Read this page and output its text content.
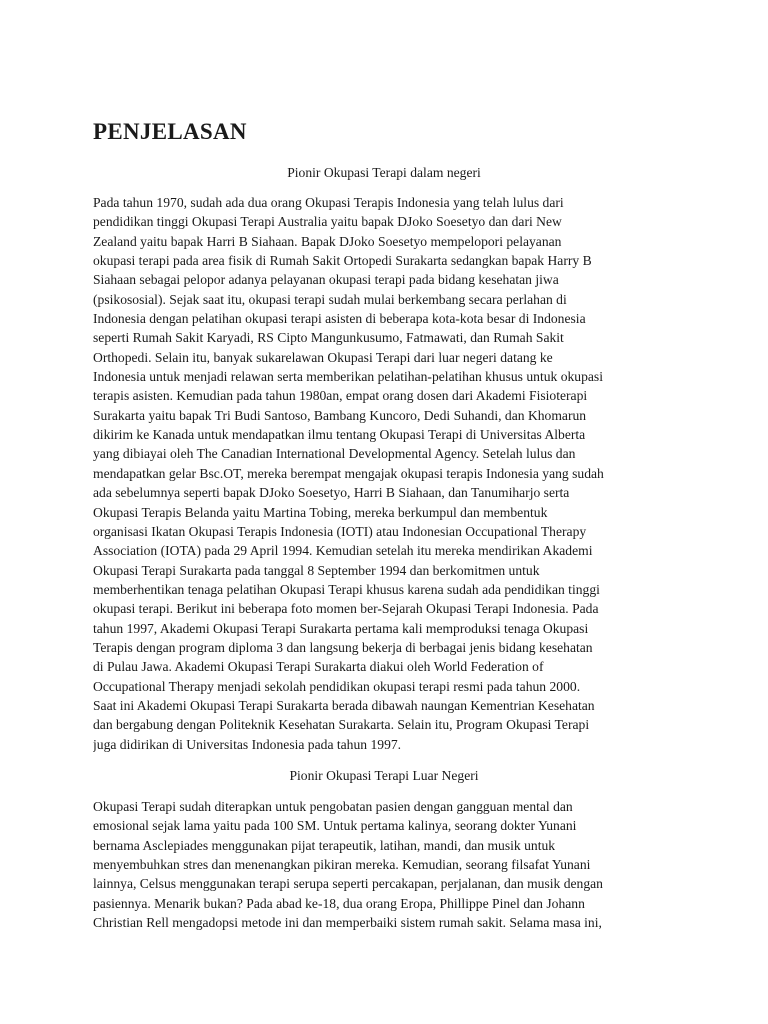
PENJELASAN

Pionir Okupasi Terapi dalam negeri

Pada tahun 1970, sudah ada dua orang Okupasi Terapis Indonesia yang telah lulus dari
pendidikan tinggi Okupasi Terapi Australia yaitu bapak DJoko Soesetyo dan dari New
Zealand yaitu bapak Harri B Siahaan. Bapak DJoko Soesetyo mempelopori pelayanan
okupasi terapi pada area fisik di Rumah Sakit Ortopedi Surakarta sedangkan bapak Harry B
Siahaan sebagai pelopor adanya pelayanan okupasi terapi pada bidang kesehatan jiwa
(psikososial). Sejak saat itu, okupasi terapi sudah mulai berkembang secara perlahan di
Indonesia dengan pelatihan okupasi terapi asisten di beberapa kota-kota besar di Indonesia
seperti Rumah Sakit Karyadi, RS Cipto Mangunkusumo, Fatmawati, dan Rumah Sakit
Orthopedi. Selain itu, banyak sukarelawan Okupasi Terapi dari luar negeri datang ke
Indonesia untuk menjadi relawan serta memberikan pelatihan-pelatihan khusus untuk okupasi
terapis asisten. Kemudian pada tahun 1980an, empat orang dosen dari Akademi Fisioterapi
Surakarta yaitu bapak Tri Budi Santoso, Bambang Kuncoro, Dedi Suhandi, dan Khomarun
dikirim ke Kanada untuk mendapatkan ilmu tentang Okupasi Terapi di Universitas Alberta
yang dibiayai oleh The Canadian International Developmental Agency. Setelah lulus dan
mendapatkan gelar Bsc.OT, mereka berempat mengajak okupasi terapis Indonesia yang sudah
ada sebelumnya seperti bapak DJoko Soesetyo, Harri B Siahaan, dan Tanumiharjo serta
Okupasi Terapis Belanda yaitu Martina Tobing, mereka berkumpul dan membentuk
organisasi Ikatan Okupasi Terapis Indonesia (IOTI) atau Indonesian Occupational Therapy
Association (IOTA) pada 29 April 1994. Kemudian setelah itu mereka mendirikan Akademi
Okupasi Terapi Surakarta pada tanggal 8 September 1994 dan berkomitmen untuk
memberhentikan tenaga pelatihan Okupasi Terapi khusus karena sudah ada pendidikan tinggi
okupasi terapi. Berikut ini beberapa foto momen ber-Sejarah Okupasi Terapi Indonesia. Pada
tahun 1997, Akademi Okupasi Terapi Surakarta pertama kali memproduksi tenaga Okupasi
Terapis dengan program diploma 3 dan langsung bekerja di berbagai jenis bidang kesehatan
di Pulau Jawa. Akademi Okupasi Terapi Surakarta diakui oleh World Federation of
Occupational Therapy menjadi sekolah pendidikan okupasi terapi resmi pada tahun 2000.
Saat ini Akademi Okupasi Terapi Surakarta berada dibawah naungan Kementrian Kesehatan
dan bergabung dengan Politeknik Kesehatan Surakarta. Selain itu, Program Okupasi Terapi
juga didirikan di Universitas Indonesia pada tahun 1997.

Pionir Okupasi Terapi Luar Negeri

Okupasi Terapi sudah diterapkan untuk pengobatan pasien dengan gangguan mental dan
emosional sejak lama yaitu pada 100 SM. Untuk pertama kalinya, seorang dokter Yunani
bernama Asclepiades menggunakan pijat terapeutik, latihan, mandi, dan musik untuk
menyembuhkan stres dan menenangkan pikiran mereka. Kemudian, seorang filsafat Yunani
lainnya, Celsus menggunakan terapi serupa seperti percakapan, perjalanan, dan musik dengan
pasiennya. Menarik bukan? Pada abad ke-18, dua orang Eropa, Phillippe Pinel dan Johann
Christian Rell mengadopsi metode ini dan memperbaiki sistem rumah sakit. Selama masa ini,
